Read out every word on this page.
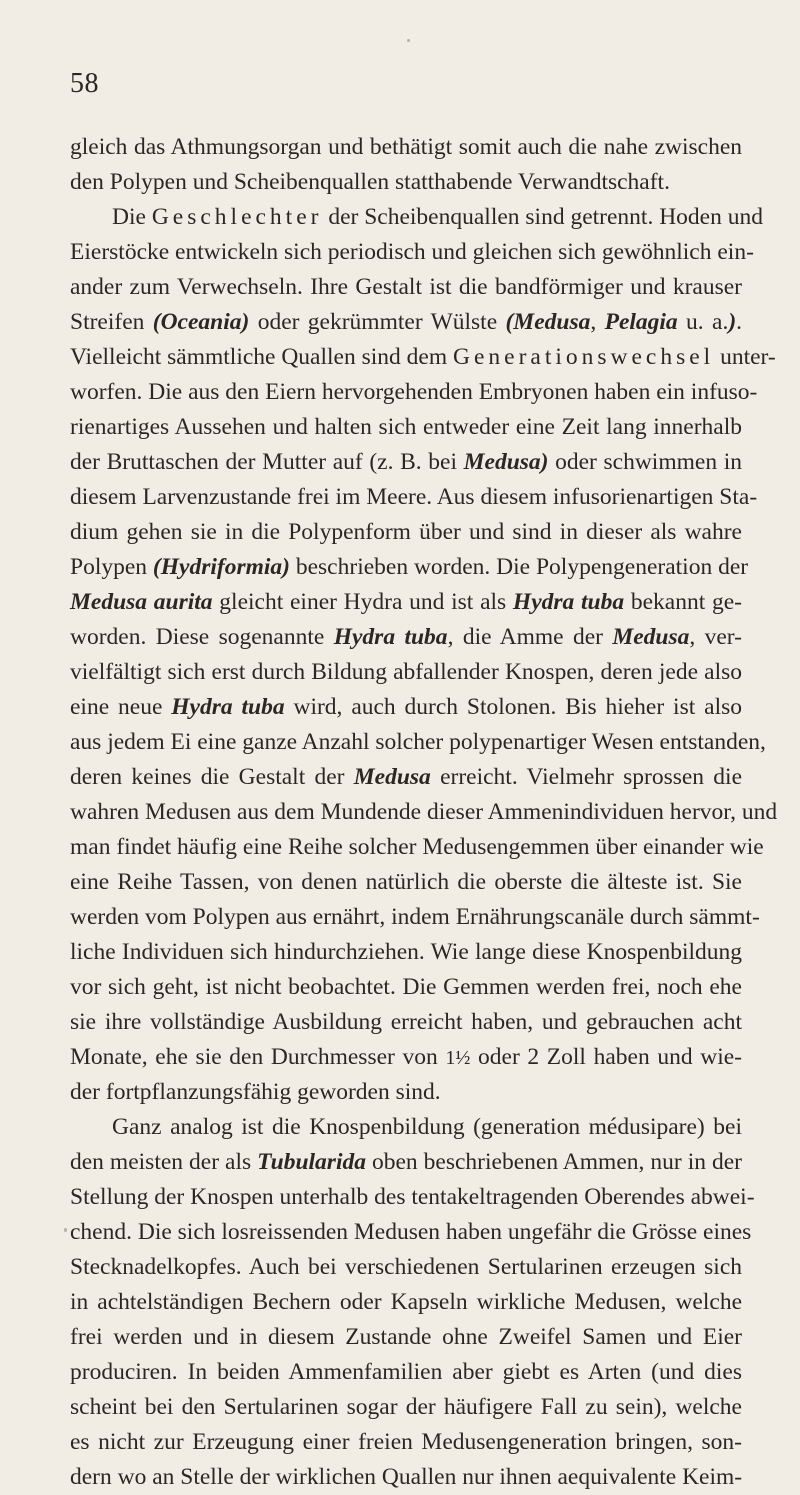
58
gleich das Athmungsorgan und bethätigt somit auch die nahe zwischen
den Polypen und Scheibenquallen statthabende Verwandtschaft.
Die Geschlechter der Scheibenquallen sind getrennt. Hoden und
Eierstöcke entwickeln sich periodisch und gleichen sich gewöhnlich ein-
ander zum Verwechseln. Ihre Gestalt ist die bandförmiger und krauser
Streifen (Oceania) oder gekrümmter Wülste (Medusa, Pelagia u. a.).
Vielleicht sämmtliche Quallen sind dem Generationswechsel unter-
worfen. Die aus den Eiern hervorgehenden Embryonen haben ein infuso-
rienartiges Aussehen und halten sich entweder eine Zeit lang innerhalb
der Bruttaschen der Mutter auf (z. B. bei Medusa) oder schwimmen in
diesem Larvenzustande frei im Meere. Aus diesem infusorienartigen Sta-
dium gehen sie in die Polypenform über und sind in dieser als wahre
Polypen (Hydriformia) beschrieben worden. Die Polypengeneration der
Medusa aurita gleicht einer Hydra und ist als Hydra tuba bekannt ge-
worden. Diese sogenannte Hydra tuba, die Amme der Medusa, ver-
vielfältigt sich erst durch Bildung abfallender Knospen, deren jede also
eine neue Hydra tuba wird, auch durch Stolonen. Bis hieher ist also
aus jedem Ei eine ganze Anzahl solcher polypenartiger Wesen entstanden,
deren keines die Gestalt der Medusa erreicht. Vielmehr sprossen die
wahren Medusen aus dem Mundende dieser Ammenindividuen hervor, und
man findet häufig eine Reihe solcher Medusengemmen über einander wie
eine Reihe Tassen, von denen natürlich die oberste die älteste ist. Sie
werden vom Polypen aus ernährt, indem Ernährungscanäle durch sämmt-
liche Individuen sich hindurchziehen. Wie lange diese Knospenbildung
vor sich geht, ist nicht beobachtet. Die Gemmen werden frei, noch ehe
sie ihre vollständige Ausbildung erreicht haben, und gebrauchen acht
Monate, ehe sie den Durchmesser von 1½ oder 2 Zoll haben und wie-
der fortpflanzungsfähig geworden sind.
Ganz analog ist die Knospenbildung (generation médusipare) bei
den meisten der als Tubularida oben beschriebenen Ammen, nur in der
Stellung der Knospen unterhalb des tentakeltragenden Oberendes abwei-
chend. Die sich losreissenden Medusen haben ungefähr die Grösse eines
Stecknadelkopfes. Auch bei verschiedenen Sertularinen erzeugen sich
in achtelständigen Bechern oder Kapseln wirkliche Medusen, welche
frei werden und in diesem Zustande ohne Zweifel Samen und Eier
produciren. In beiden Ammenfamilien aber giebt es Arten (und dies
scheint bei den Sertularinen sogar der häufigere Fall zu sein), welche
es nicht zur Erzeugung einer freien Medusengeneration bringen, son-
dern wo an Stelle der wirklichen Quallen nur ihnen aequivalente Keim-
